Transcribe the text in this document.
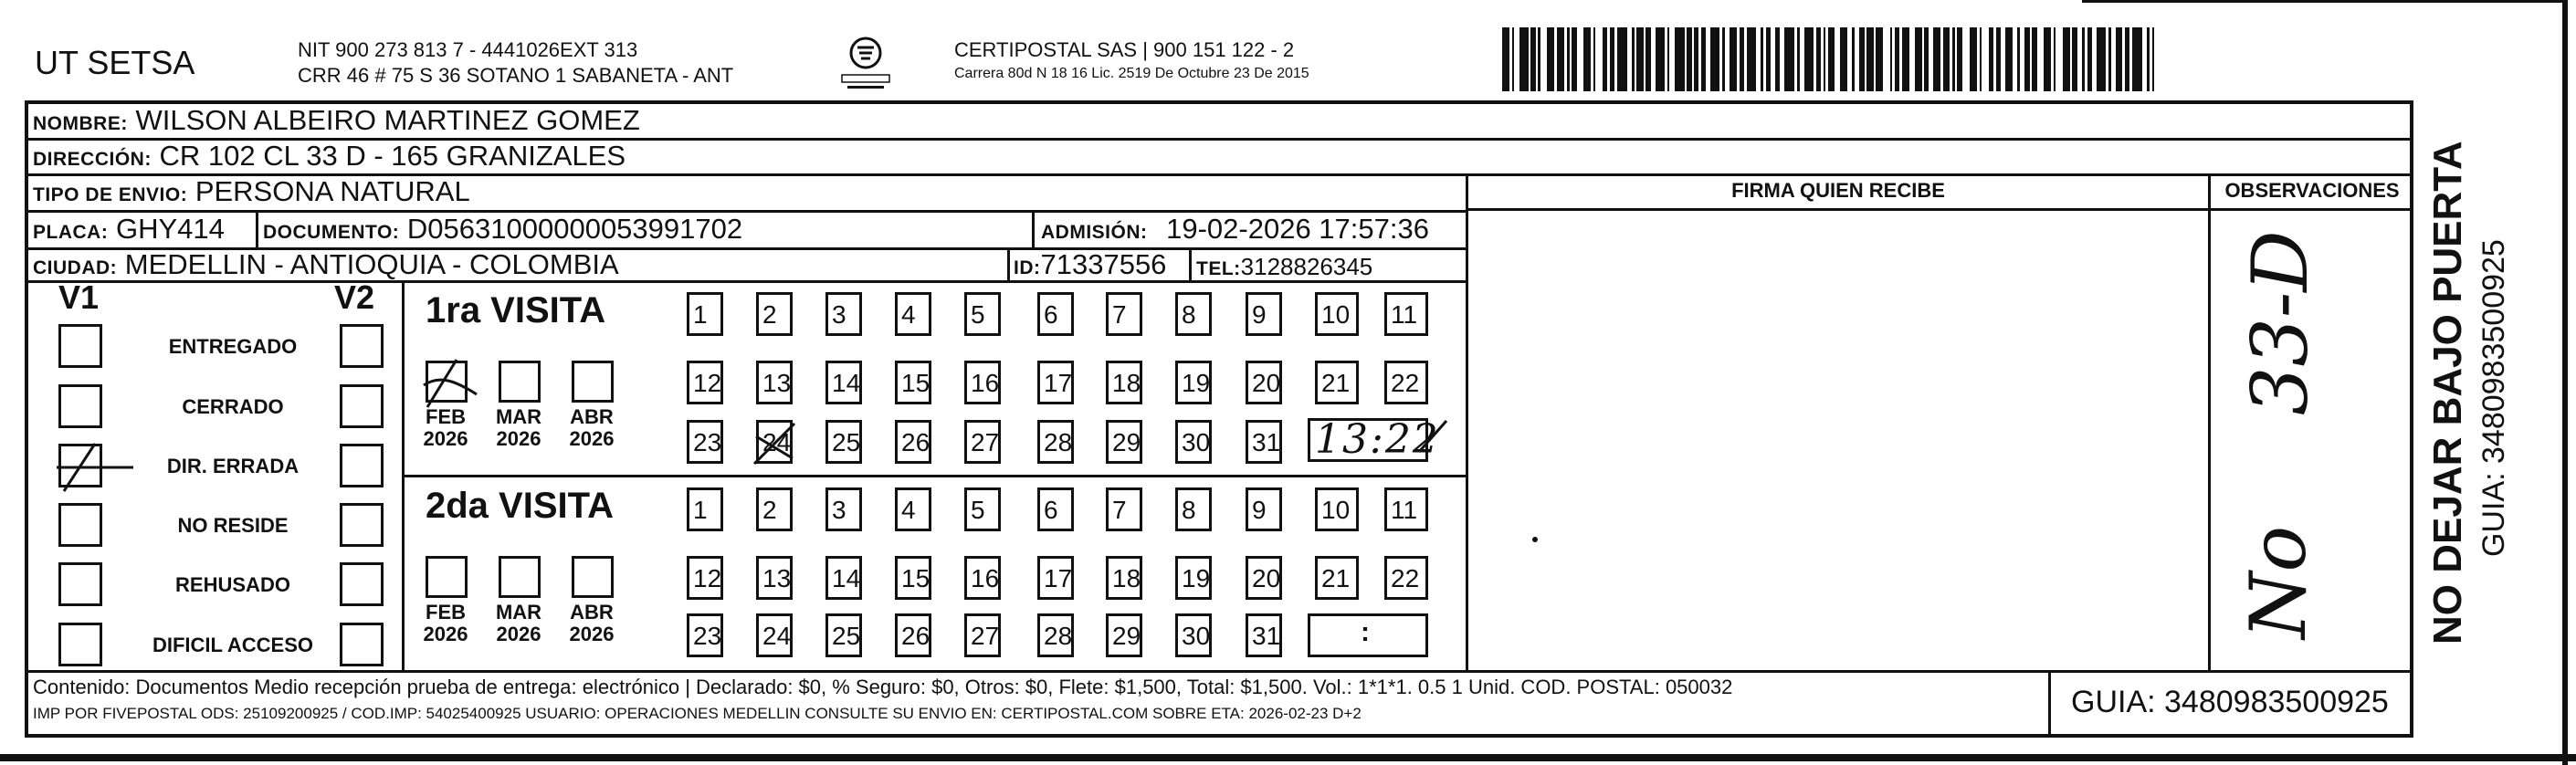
UT SETSA	NIT 900 273 813 7 - 4441026EXT 313
CRR 46 # 75 S 36 SOTANO 1 SABANETA - ANT
CERTIPOSTAL SAS | 900 151 122 - 2
Carrera 80d N 18 16 Lic. 2519 De Octubre 23 De 2015
NOMBRE: WILSON ALBEIRO MARTINEZ GOMEZ
DIRECCIÓN: CR 102 CL 33 D - 165 GRANIZALES
TIPO DE ENVIO: PERSONA NATURAL
PLACA: GHY414 DOCUMENTO: D05631000000053991702	ADMISIÓN: 19-02-2026 17:57:36
CIUDAD: MEDELLIN - ANTIOQUIA - COLOMBIA	ID:71337556 TEL:3128826345
FIRMA QUIEN RECIBE	OBSERVACIONES
V1	V2
ENTREGADO
CERRADO
DIR. ERRADA
NO RESIDE
REHUSADO
DIFICIL ACCESO
1ra VISITA
2da VISITA
FEB
2026
MAR
2026
ABR
2026
1 2 3 4 5 6 7 8 9 10 11
12 13 14 15 16 17 18 19 20 21 22
23 24 25 26 27 28 29 30 31
FEB
2026
MAR
2026
ABR
2026
1 2 3 4 5 6 7 8 9 10 11
12 13 14 15 16 17 18 19 20 21 22
23 24 25 26 27 28 29 30 31
13:22
:
33-D
No
Contenido: Documentos Medio recepción prueba de entrega: electrónico | Declarado: $0, % Seguro: $0, Otros: $0, Flete: $1,500, Total: $1,500. Vol.: 1*1*1. 0.5 1 Unid. COD. POSTAL: 050032
IMP POR FIVEPOSTAL ODS: 25109200925 / COD.IMP: 54025400925 USUARIO: OPERACIONES MEDELLIN CONSULTE SU ENVIO EN: CERTIPOSTAL.COM SOBRE ETA: 2026-02-23 D+2	GUIA: 3480983500925
NO DEJAR BAJO PUERTA GUIA: 3480983500925
